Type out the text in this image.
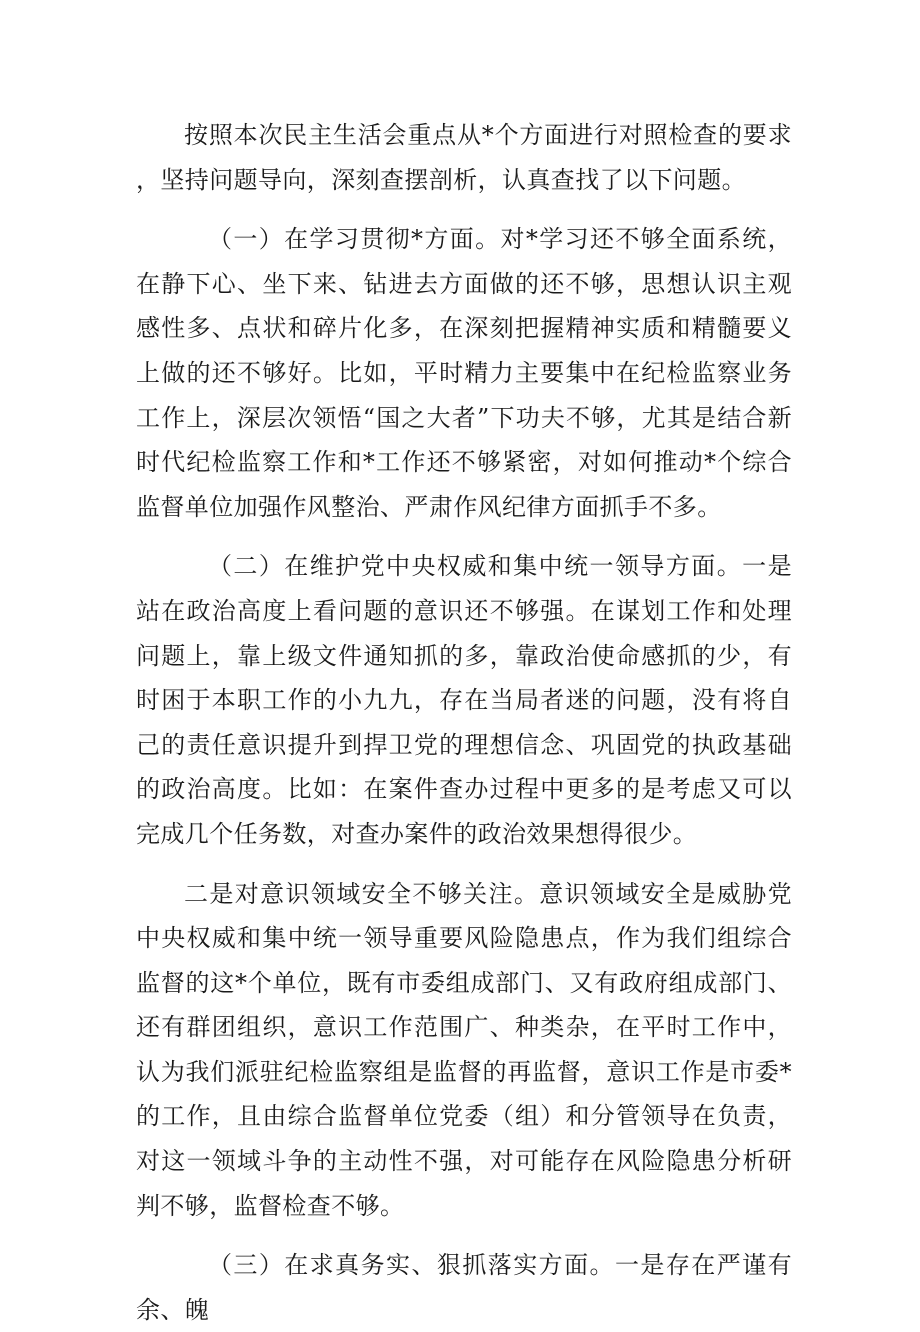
按照本次民主生活会重点从*个方面进行对照检查的要求，坚持问题导向，深刻查摆剖析，认真查找了以下问题。

（一）在学习贯彻*方面。对*学习还不够全面系统，在静下心、坐下来、钻进去方面做的还不够，思想认识主观感性多、点状和碎片化多，在深刻把握精神实质和精髓要义上做的还不够好。比如，平时精力主要集中在纪检监察业务工作上，深层次领悟“国之大者”下功夫不够，尤其是结合新时代纪检监察工作和*工作还不够紧密，对如何推动*个综合监督单位加强作风整治、严肃作风纪律方面抓手不多。

（二）在维护党中央权威和集中统一领导方面。一是站在政治高度上看问题的意识还不够强。在谋划工作和处理问题上，靠上级文件通知抓的多，靠政治使命感抓的少，有时困于本职工作的小九九，存在当局者迷的问题，没有将自己的责任意识提升到捍卫党的理想信念、巩固党的执政基础的政治高度。比如：在案件查办过程中更多的是考虑又可以完成几个任务数，对查办案件的政治效果想得很少。

二是对意识领域安全不够关注。意识领域安全是威胁党中央权威和集中统一领导重要风险隐患点，作为我们组综合监督的这*个单位，既有市委组成部门、又有政府组成部门、还有群团组织，意识工作范围广、种类杂，在平时工作中，认为我们派驻纪检监察组是监督的再监督，意识工作是市委*的工作，且由综合监督单位党委（组）和分管领导在负责，对这一领域斗争的主动性不强，对可能存在风险隐患分析研判不够，监督检查不够。

（三）在求真务实、狠抓落实方面。一是存在严谨有余、魄
